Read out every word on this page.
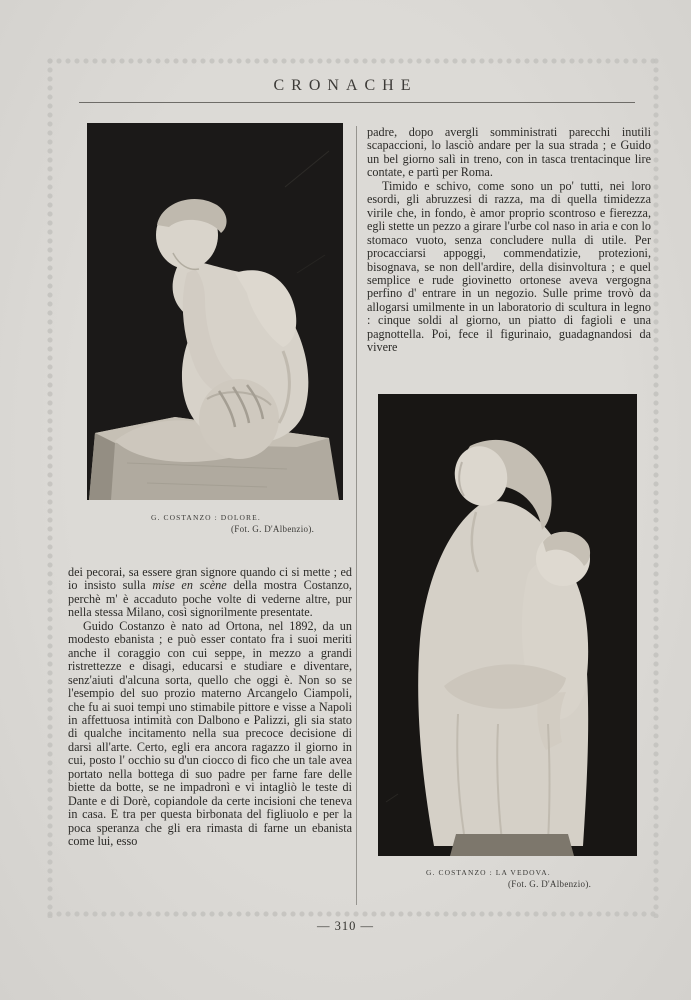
CRONACHE
G. COSTANZO : DOLORE.
(Fot. G. D'Albenzio).

padre, dopo avergli somministrati parecchi inutili scapaccioni, lo lasciò andare per la sua strada ; e Guido un bel giorno salì in treno, con in tasca trentacinque lire contate, e partì per Roma.

Timido e schivo, come sono un po' tutti, nei loro esordi, gli abruzzesi di razza, ma di quella timidezza virile che, in fondo, è amor proprio scontroso e fierezza, egli stette un pezzo a girare l'urbe col naso in aria e con lo stomaco vuoto, senza concludere nulla di utile. Per procacciarsi appoggi, commendatizie, protezioni, bisognava, se non dell'ardire, della disinvoltura ; e quel semplice e rude giovinetto ortonese aveva vergogna perfino d' entrare in un negozio. Sulle prime trovò da allogarsi umilmente in un laboratorio di scultura in legno : cinque soldi al giorno, un piatto di fagioli e una pagnottella. Poi, fece il figurinaio, guadagnandosi da vivere

dei pecorai, sa essere gran signore quando ci si mette ; ed io insisto sulla mise en scène della mostra Costanzo, perchè m' è accaduto poche volte di vederne altre, pur nella stessa Milano, così signorilmente presentate.

Guido Costanzo è nato ad Ortona, nel 1892, da un modesto ebanista ; e può esser contato fra i suoi meriti anche il coraggio con cui seppe, in mezzo a grandi ristrettezze e disagi, educarsi e studiare e diventare, senz'aiuti d'alcuna sorta, quello che oggi è. Non so se l'esempio del suo prozio materno Arcangelo Ciampoli, che fu ai suoi tempi uno stimabile pittore e visse a Napoli in affettuosa intimità con Dalbono e Palizzi, gli sia stato di qualche incitamento nella sua precoce decisione di darsi all'arte. Certo, egli era ancora ragazzo il giorno in cui, posto l' occhio su d'un ciocco di fico che un tale avea portato nella bottega di suo padre per farne fare delle biette da botte, se ne impadronì e vi intagliò le teste di Dante e di Dorè, copiandole da certe incisioni che teneva in casa. E tra per questa birbonata del figliuolo e per la poca speranza che gli era rimasta di farne un ebanista come lui, esso

G. COSTANZO : LA VEDOVA.
(Fot. G. D'Albenzio).
— 310 —
